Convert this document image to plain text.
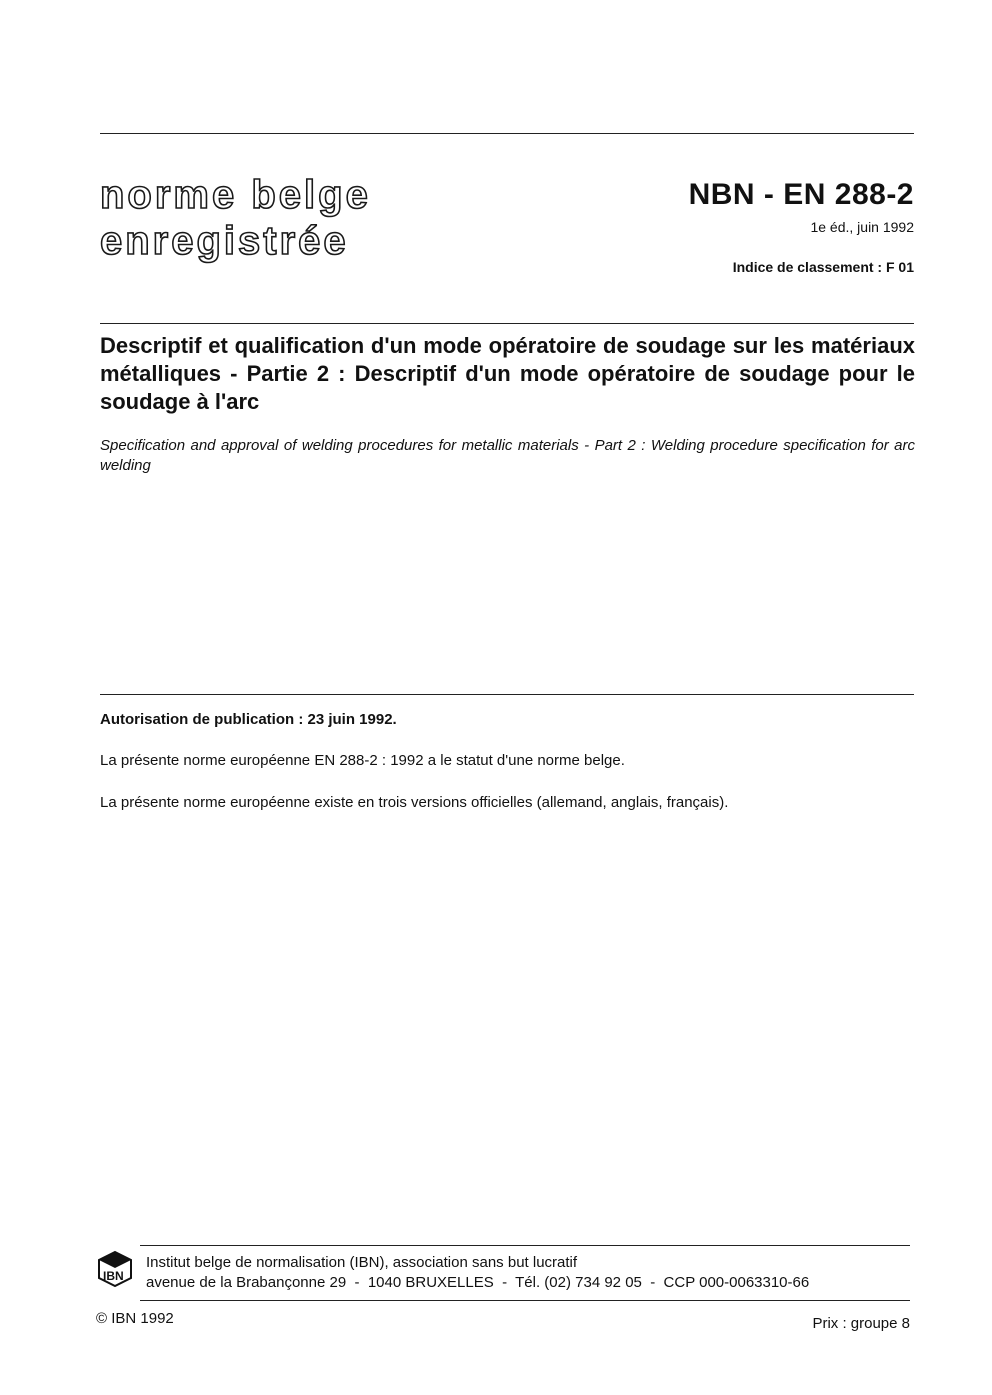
norme belge
enregistrée
NBN - EN 288-2
1e éd., juin 1992
Indice de classement : F 01
Descriptif et qualification d'un mode opératoire de soudage sur les matériaux métalliques - Partie 2 : Descriptif d'un mode opératoire de soudage pour le soudage à l'arc
Specification and approval of welding procedures for metallic materials - Part 2 : Welding procedure specification for arc welding
Autorisation de publication : 23 juin 1992.
La présente norme européenne EN 288-2 : 1992 a le statut d'une norme belge.
La présente norme européenne existe en trois versions officielles (allemand, anglais, français).
IBN
Institut belge de normalisation (IBN), association sans but lucratif
avenue de la Brabançonne 29  -  1040 BRUXELLES  -  Tél. (02) 734 92 05  -  CCP 000-0063310-66
© IBN 1992	Prix : groupe 8
